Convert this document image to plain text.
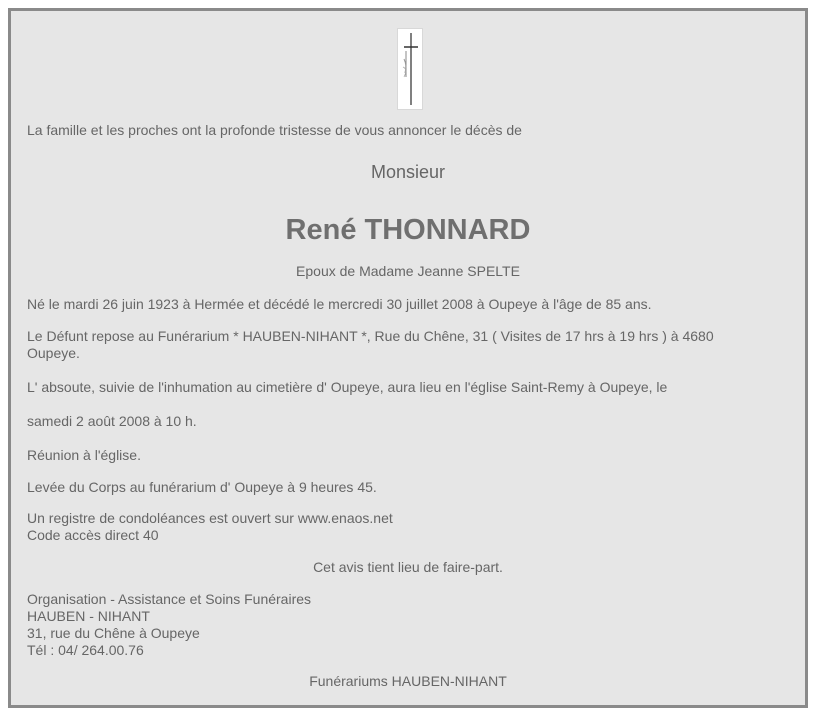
La famille et les proches ont la profonde tristesse de vous annoncer le décès de

Monsieur

René THONNARD

Epoux de Madame Jeanne SPELTE

Né le mardi 26 juin 1923 à Hermée et décédé le mercredi 30 juillet 2008 à Oupeye à l'âge de 85 ans.

Le Défunt repose au Funérarium * HAUBEN-NIHANT *, Rue du Chêne, 31 ( Visites de 17 hrs à 19 hrs ) à 4680

Oupeye.

L' absoute, suivie de l'inhumation au cimetière d' Oupeye, aura lieu en l'église Saint-Remy à Oupeye, le

samedi 2 août 2008 à 10 h.

Réunion à l'église.

Levée du Corps au funérarium d' Oupeye à 9 heures 45.

Un registre de condoléances est ouvert sur www.enaos.net

Code accès direct 40

Cet avis tient lieu de faire-part.

Organisation - Assistance et Soins Funéraires

HAUBEN - NIHANT

31, rue du Chêne à Oupeye

Tél : 04/ 264.00.76

Funérariums HAUBEN-NIHANT
